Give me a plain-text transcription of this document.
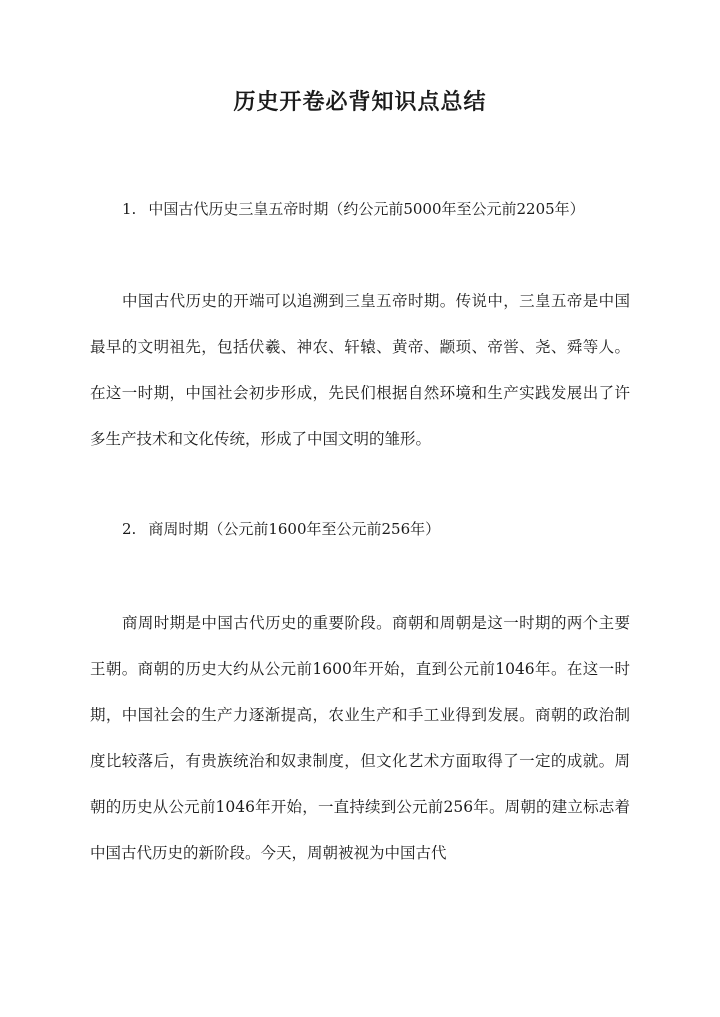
历史开卷必背知识点总结
1. 中国古代历史三皇五帝时期（约公元前5000年至公元前2205年）
中国古代历史的开端可以追溯到三皇五帝时期。传说中，三皇五帝是中国最早的文明祖先，包括伏羲、神农、轩辕、黄帝、颛顼、帝喾、尧、舜等人。在这一时期，中国社会初步形成，先民们根据自然环境和生产实践发展出了许多生产技术和文化传统，形成了中国文明的雏形。
2. 商周时期（公元前1600年至公元前256年）
商周时期是中国古代历史的重要阶段。商朝和周朝是这一时期的两个主要王朝。商朝的历史大约从公元前1600年开始，直到公元前1046年。在这一时期，中国社会的生产力逐渐提高，农业生产和手工业得到发展。商朝的政治制度比较落后，有贵族统治和奴隶制度，但文化艺术方面取得了一定的成就。周朝的历史从公元前1046年开始，一直持续到公元前256年。周朝的建立标志着中国古代历史的新阶段。今天，周朝被视为中国古代
